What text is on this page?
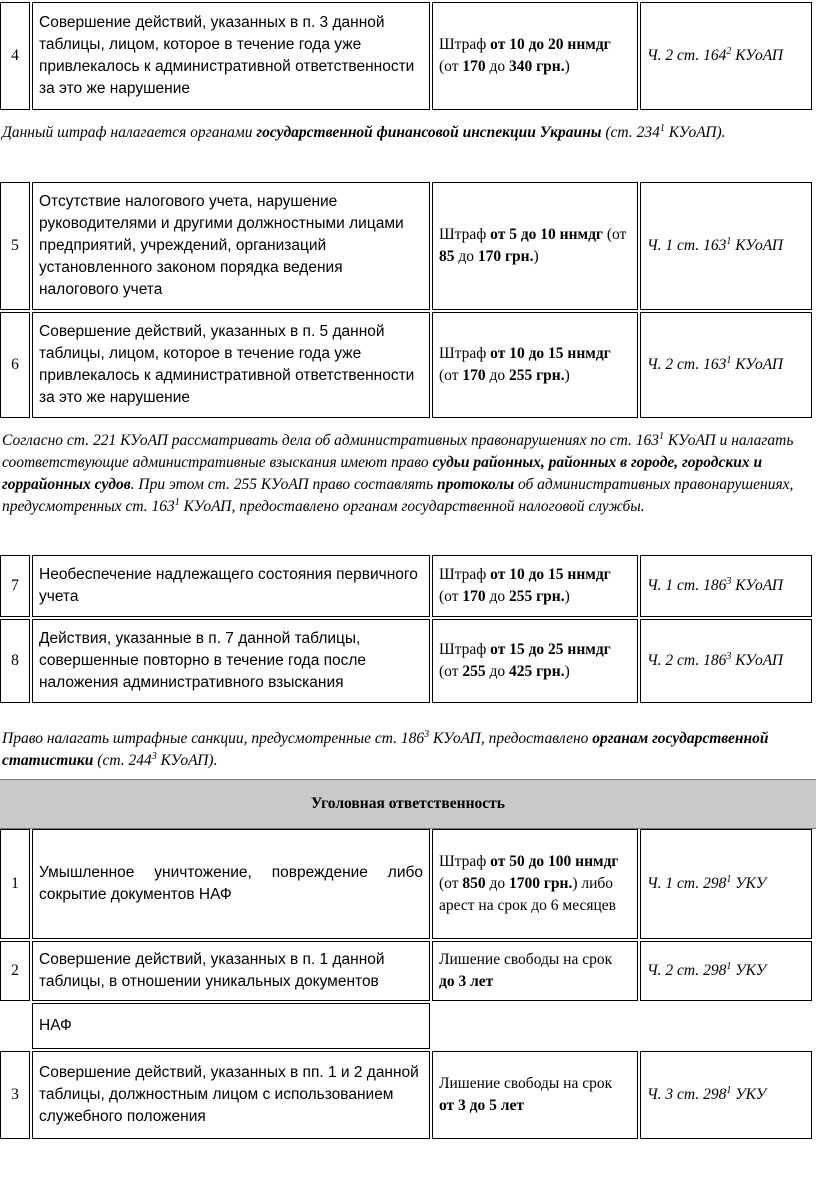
4	Совершение действий, указанных в п. 3 данной таблицы, лицом, которое в течение года уже привлекалось к административной ответственности за это же нарушение	Штраф от 10 до 20 ннмдг (от 170 до 340 грн.)	Ч. 2 ст. $164^2$ КУоАП
Данный штраф налагается органами государственной финансовой инспекции Украины (ст. $234^1$ КУоАП).
5	Отсутствие налогового учета, нарушение руководителями и другими должностными лицами предприятий, учреждений, организаций установленного законом порядка ведения налогового учета	Штраф от 5 до 10 ннмдг (от 85 до 170 грн.)	Ч. 1 ст. $163^1$ КУоАП
6	Совершение действий, указанных в п. 5 данной таблицы, лицом, которое в течение года уже привлекалось к административной ответственности за это же нарушение	Штраф от 10 до 15 ннмдг (от 170 до 255 грн.)	Ч. 2 ст. $163^1$ КУоАП
Согласно ст. 221 КУоАП рассматривать дела об административных правонарушениях по ст. $163^1$ КУоАП и налагать соответствующие административные взыскания имеют право судьи районных, районных в городе, городских и горрайонных судов. При этом ст. 255 КУоАП право составлять протоколы об административных правонарушениях, предусмотренных ст. $163^1$ КУоАП, предоставлено органам государственной налоговой службы.
7	Необеспечение надлежащего состояния первичного учета	Штраф от 10 до 15 ннмдг (от 170 до 255 грн.)	Ч. 1 ст. $186^3$ КУоАП
8	Действия, указанные в п. 7 данной таблицы, совершенные повторно в течение года после наложения административного взыскания	Штраф от 15 до 25 ннмдг (от 255 до 425 грн.)	Ч. 2 ст. $186^3$ КУоАП
Право налагать штрафные санкции, предусмотренные ст. $186^3$ КУоАП, предоставлено органам государственной статистики (ст. $244^3$ КУоАП).
Уголовная ответственность
1	Умышленное уничтожение, повреждение либо сокрытие документов НАФ	Штраф от 50 до 100 ннмдг (от 850 до 1700 грн.) либо арест на срок до 6 месяцев	Ч. 1 ст. $298^1$ УКУ
2	Совершение действий, указанных в п. 1 данной таблицы, в отношении уникальных документов	Лишение свободы на срок до 3 лет	Ч. 2 ст. $298^1$ УКУ
	НАФ		
3	Совершение действий, указанных в пп. 1 и 2 данной таблицы, должностным лицом с использованием служебного положения	Лишение свободы на срок от 3 до 5 лет	Ч. 3 ст. $298^1$ УКУ
